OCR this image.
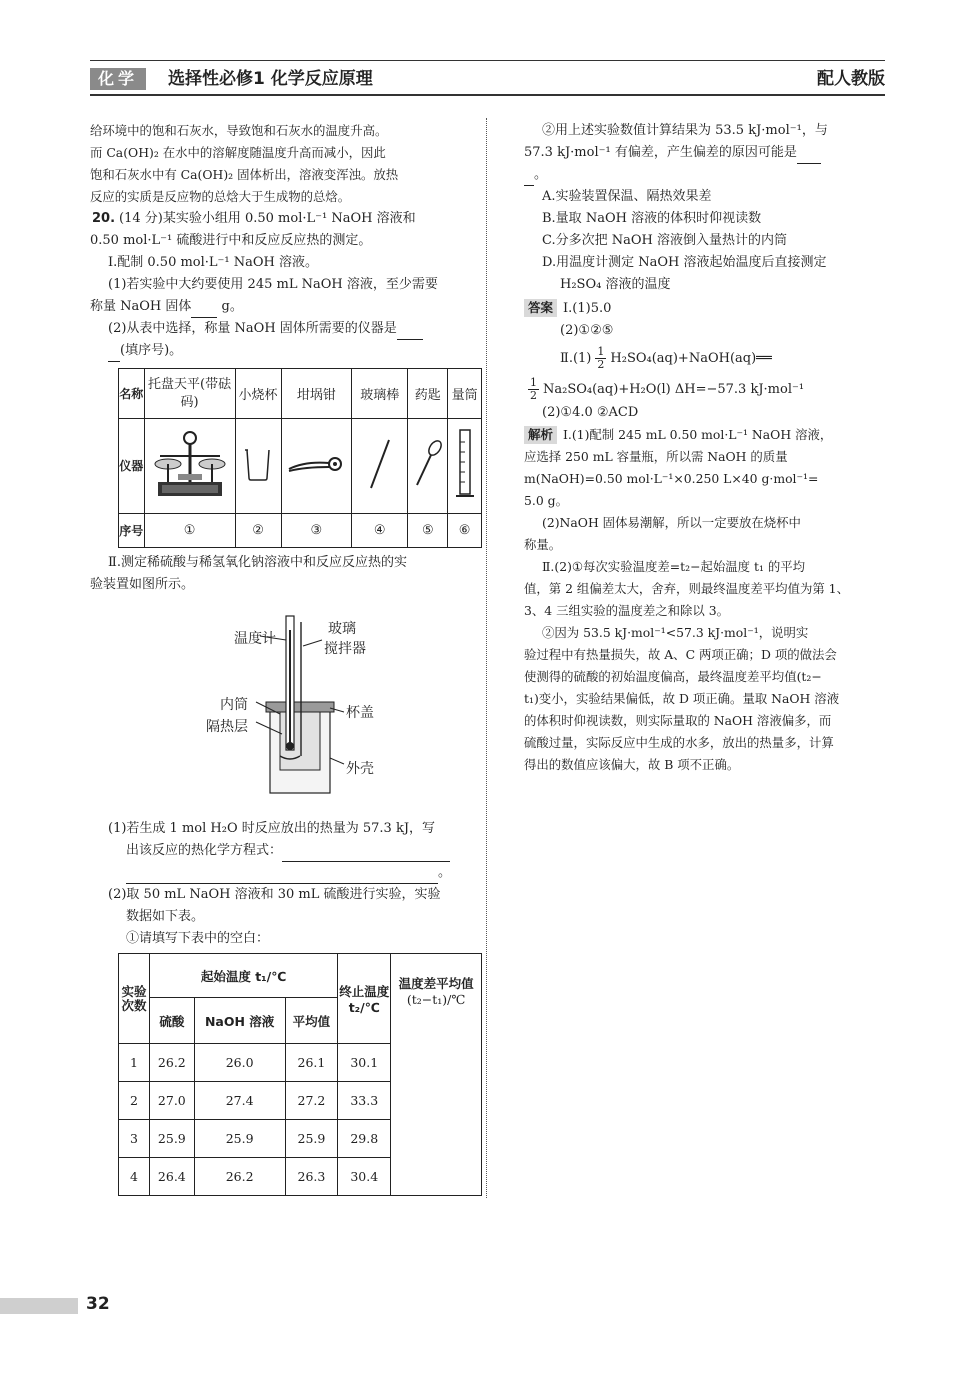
化学	选择性必修1 化学反应原理	配人教版

给环境中的饱和石灰水，导致饱和石灰水的温度升高。

而 Ca(OH)₂ 在水中的溶解度随温度升高而减小，因此

饱和石灰水中有 Ca(OH)₂ 固体析出，溶液变浑浊。放热

反应的实质是反应物的总焓大于生成物的总焓。

20. (14 分)某实验小组用 0.50 mol·L⁻¹ NaOH 溶液和

0.50 mol·L⁻¹ 硫酸进行中和反应反应热的测定。

Ⅰ.配制 0.50 mol·L⁻¹ NaOH 溶液。

(1)若实验中大约要使用 245 mL NaOH 溶液，至少需要

称量 NaOH 固体 g。

(2)从表中选择，称量 NaOH 固体所需要的仪器是

(填序号)。

名称	托盘天平(带砝码)	小烧杯	坩埚钳	玻璃棒	药匙	量筒
仪器						
序号	①	②	③	④	⑤	⑥

Ⅱ.测定稀硫酸与稀氢氧化钠溶液中和反应反应热的实

验装置如图所示。

温度计
玻璃
搅拌器
内筒	杯盖
隔热层
外壳

(1)若生成 1 mol H₂O 时反应放出的热量为 57.3 kJ，写

出该反应的热化学方程式：

。

(2)取 50 mL NaOH 溶液和 30 mL 硫酸进行实验，实验

数据如下表。

①请填写下表中的空白：

实验次数	起始温度 t₁/℃			终止温度 t₂/℃	温度差平均值
(t₂−t₁)/℃

	硫酸	NaOH 溶液	平均值		
1	26.2	26.0	26.1	30.1	
2	27.0	27.4	27.2	33.3	
3	25.9	25.9	25.9	29.8	
4	26.4	26.2	26.3	30.4	

②用上述实验数值计算结果为 53.5 kJ·mol⁻¹，与

57.3 kJ·mol⁻¹ 有偏差，产生偏差的原因可能是

。

A.实验装置保温、隔热效果差

B.量取 NaOH 溶液的体积时仰视读数

C.分多次把 NaOH 溶液倒入量热计的内筒

D.用温度计测定 NaOH 溶液起始温度后直接测定

H₂SO₄ 溶液的温度

答案 Ⅰ.(1)5.0

(2)①②⑤

Ⅱ.(1) $\frac{1}{2}$ H₂SO₄(aq)+NaOH(aq)══

$\frac{1}{2} Na_2SO_4(aq)+H_2O(l)$ ΔH=−57.3 kJ·mol⁻¹

(2)①4.0 ②ACD

解析 Ⅰ.(1)配制 245 mL 0.50 mol·L⁻¹ NaOH 溶液，

应选择 250 mL 容量瓶，所以需 NaOH 的质量

m(NaOH)=0.50 mol·L⁻¹×0.250 L×40 g·mol⁻¹=

5.0 g。

(2)NaOH 固体易潮解，所以一定要放在烧杯中

称量。

Ⅱ.(2)①每次实验温度差=t₂−起始温度 t₁ 的平均

值，第 2 组偏差太大，舍弃，则最终温度差平均值为第 1、

3、4 三组实验的温度差之和除以 3。

②因为 53.5 kJ·mol⁻¹<57.3 kJ·mol⁻¹，说明实

验过程中有热量损失，故 A、C 两项正确；D 项的做法会

使测得的硫酸的初始温度偏高，最终温度差平均值(t₂−

t₁)变小，实验结果偏低，故 D 项正确。量取 NaOH 溶液

的体积时仰视读数，则实际量取的 NaOH 溶液偏多，而

硫酸过量，实际反应中生成的水多，放出的热量多，计算

得出的数值应该偏大，故 B 项不正确。

32
